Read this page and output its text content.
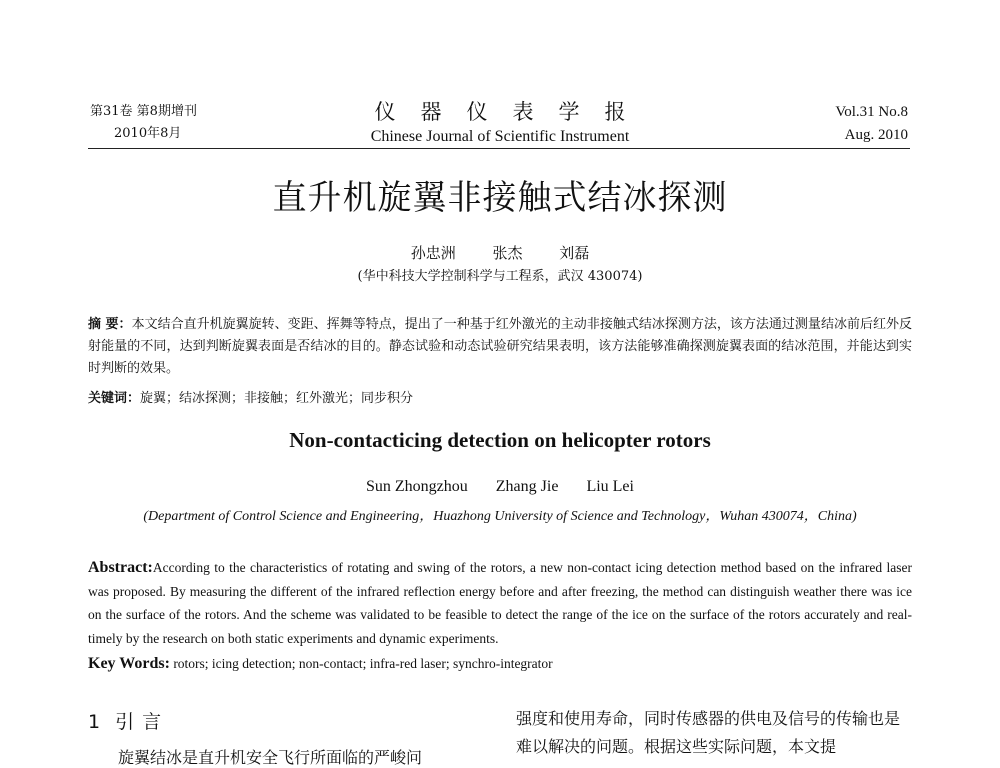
第31卷 第8期增刊
2010年8月
仪器仪表学报
Chinese Journal of Scientific Instrument
Vol.31 No.8
Aug. 2010
直升机旋翼非接触式结冰探测
孙忠洲 张杰 刘磊
(华中科技大学控制科学与工程系，武汉 430074)
摘 要：本文结合直升机旋翼旋转、变距、挥舞等特点，提出了一种基于红外激光的主动非接触式结冰探测方法，该方法通过测量结冰前后红外反射能量的不同，达到判断旋翼表面是否结冰的目的。静态试验和动态试验研究结果表明，该方法能够准确探测旋翼表面的结冰范围，并能达到实时判断的效果。
关键词：旋翼；结冰探测；非接触；红外激光；同步积分
Non-contacticing detection on helicopter rotors
Sun Zhongzhou Zhang Jie Liu Lei
(Department of Control Science and Engineering，Huazhong University of Science and Technology，Wuhan 430074，China)
Abstract:According to the characteristics of rotating and swing of the rotors, a new non-contact icing detection method based on the infrared laser was proposed. By measuring the different of the infrared reflection energy before and after freezing, the method can distinguish weather there was ice on the surface of the rotors. And the scheme was validated to be feasible to detect the range of the ice on the surface of the rotors accurately and real-timely by the research on both static experiments and dynamic experiments.
Key Words: rotors; icing detection; non-contact; infra-red laser; synchro-integrator
1 引 言
旋翼结冰是直升机安全飞行所面临的严峻问
强度和使用寿命，同时传感器的供电及信号的传输也是难以解决的问题。根据这些实际问题，本文提
